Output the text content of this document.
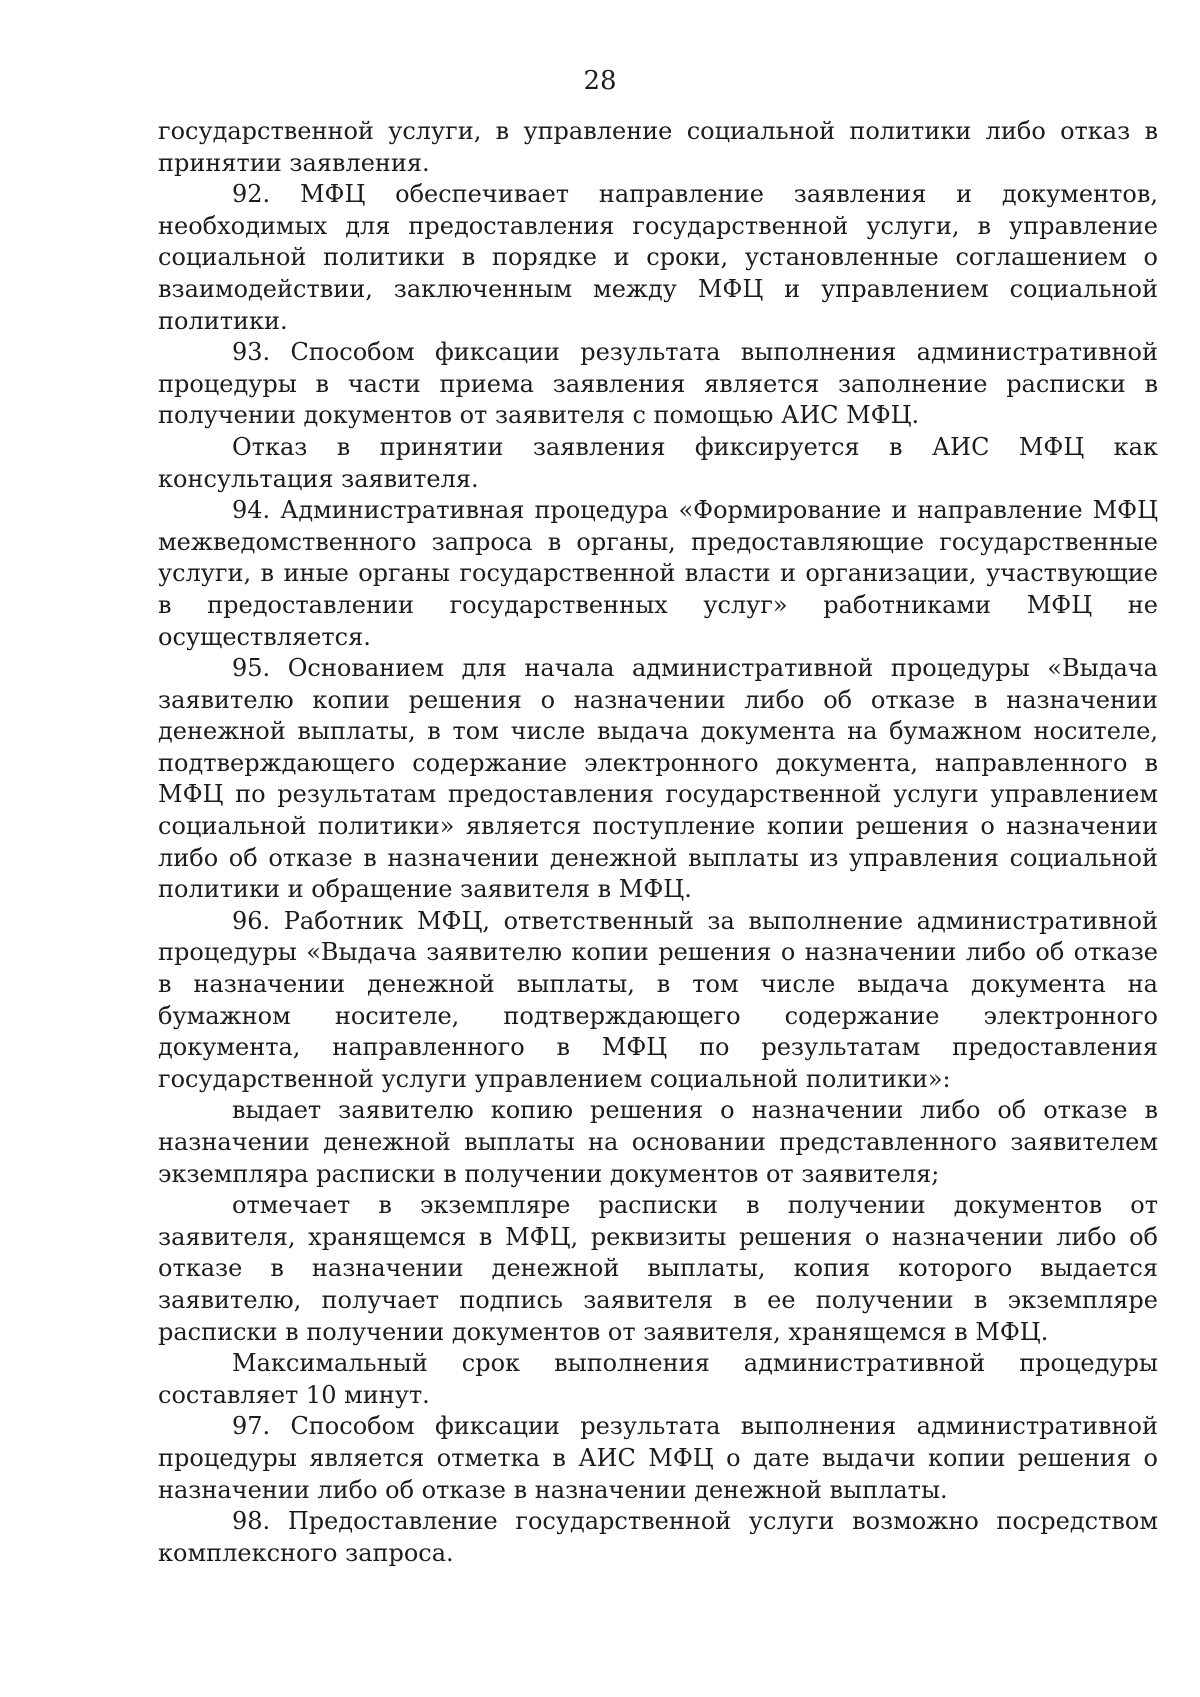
28

государственной услуги, в управление социальной политики либо отказ в принятии заявления.

92. МФЦ обеспечивает направление заявления и документов, необходимых для предоставления государственной услуги, в управление социальной политики в порядке и сроки, установленные соглашением о взаимодействии, заключенным между МФЦ и управлением социальной политики.

93. Способом фиксации результата выполнения административной процедуры в части приема заявления является заполнение расписки в получении документов от заявителя с помощью АИС МФЦ.

Отказ в принятии заявления фиксируется в АИС МФЦ как консультация заявителя.

94. Административная процедура «Формирование и направление МФЦ межведомственного запроса в органы, предоставляющие государственные услуги, в иные органы государственной власти и организации, участвующие в предоставлении государственных услуг» работниками МФЦ не осуществляется.

95. Основанием для начала административной процедуры «Выдача заявителю копии решения о назначении либо об отказе в назначении денежной выплаты, в том числе выдача документа на бумажном носителе, подтверждающего содержание электронного документа, направленного в МФЦ по результатам предоставления государственной услуги управлением социальной политики» является поступление копии решения о назначении либо об отказе в назначении денежной выплаты из управления социальной политики и обращение заявителя в МФЦ.

96. Работник МФЦ, ответственный за выполнение административной процедуры «Выдача заявителю копии решения о назначении либо об отказе в назначении денежной выплаты, в том числе выдача документа на бумажном носителе, подтверждающего содержание электронного документа, направленного в МФЦ по результатам предоставления государственной услуги управлением социальной политики»:

выдает заявителю копию решения о назначении либо об отказе в назначении денежной выплаты на основании представленного заявителем экземпляра расписки в получении документов от заявителя;

отмечает в экземпляре расписки в получении документов от заявителя, хранящемся в МФЦ, реквизиты решения о назначении либо об отказе в назначении денежной выплаты, копия которого выдается заявителю, получает подпись заявителя в ее получении в экземпляре расписки в получении документов от заявителя, хранящемся в МФЦ.

Максимальный срок выполнения административной процедуры составляет 10 минут.

97. Способом фиксации результата выполнения административной процедуры является отметка в АИС МФЦ о дате выдачи копии решения о назначении либо об отказе в назначении денежной выплаты.

98. Предоставление государственной услуги возможно посредством комплексного запроса.
